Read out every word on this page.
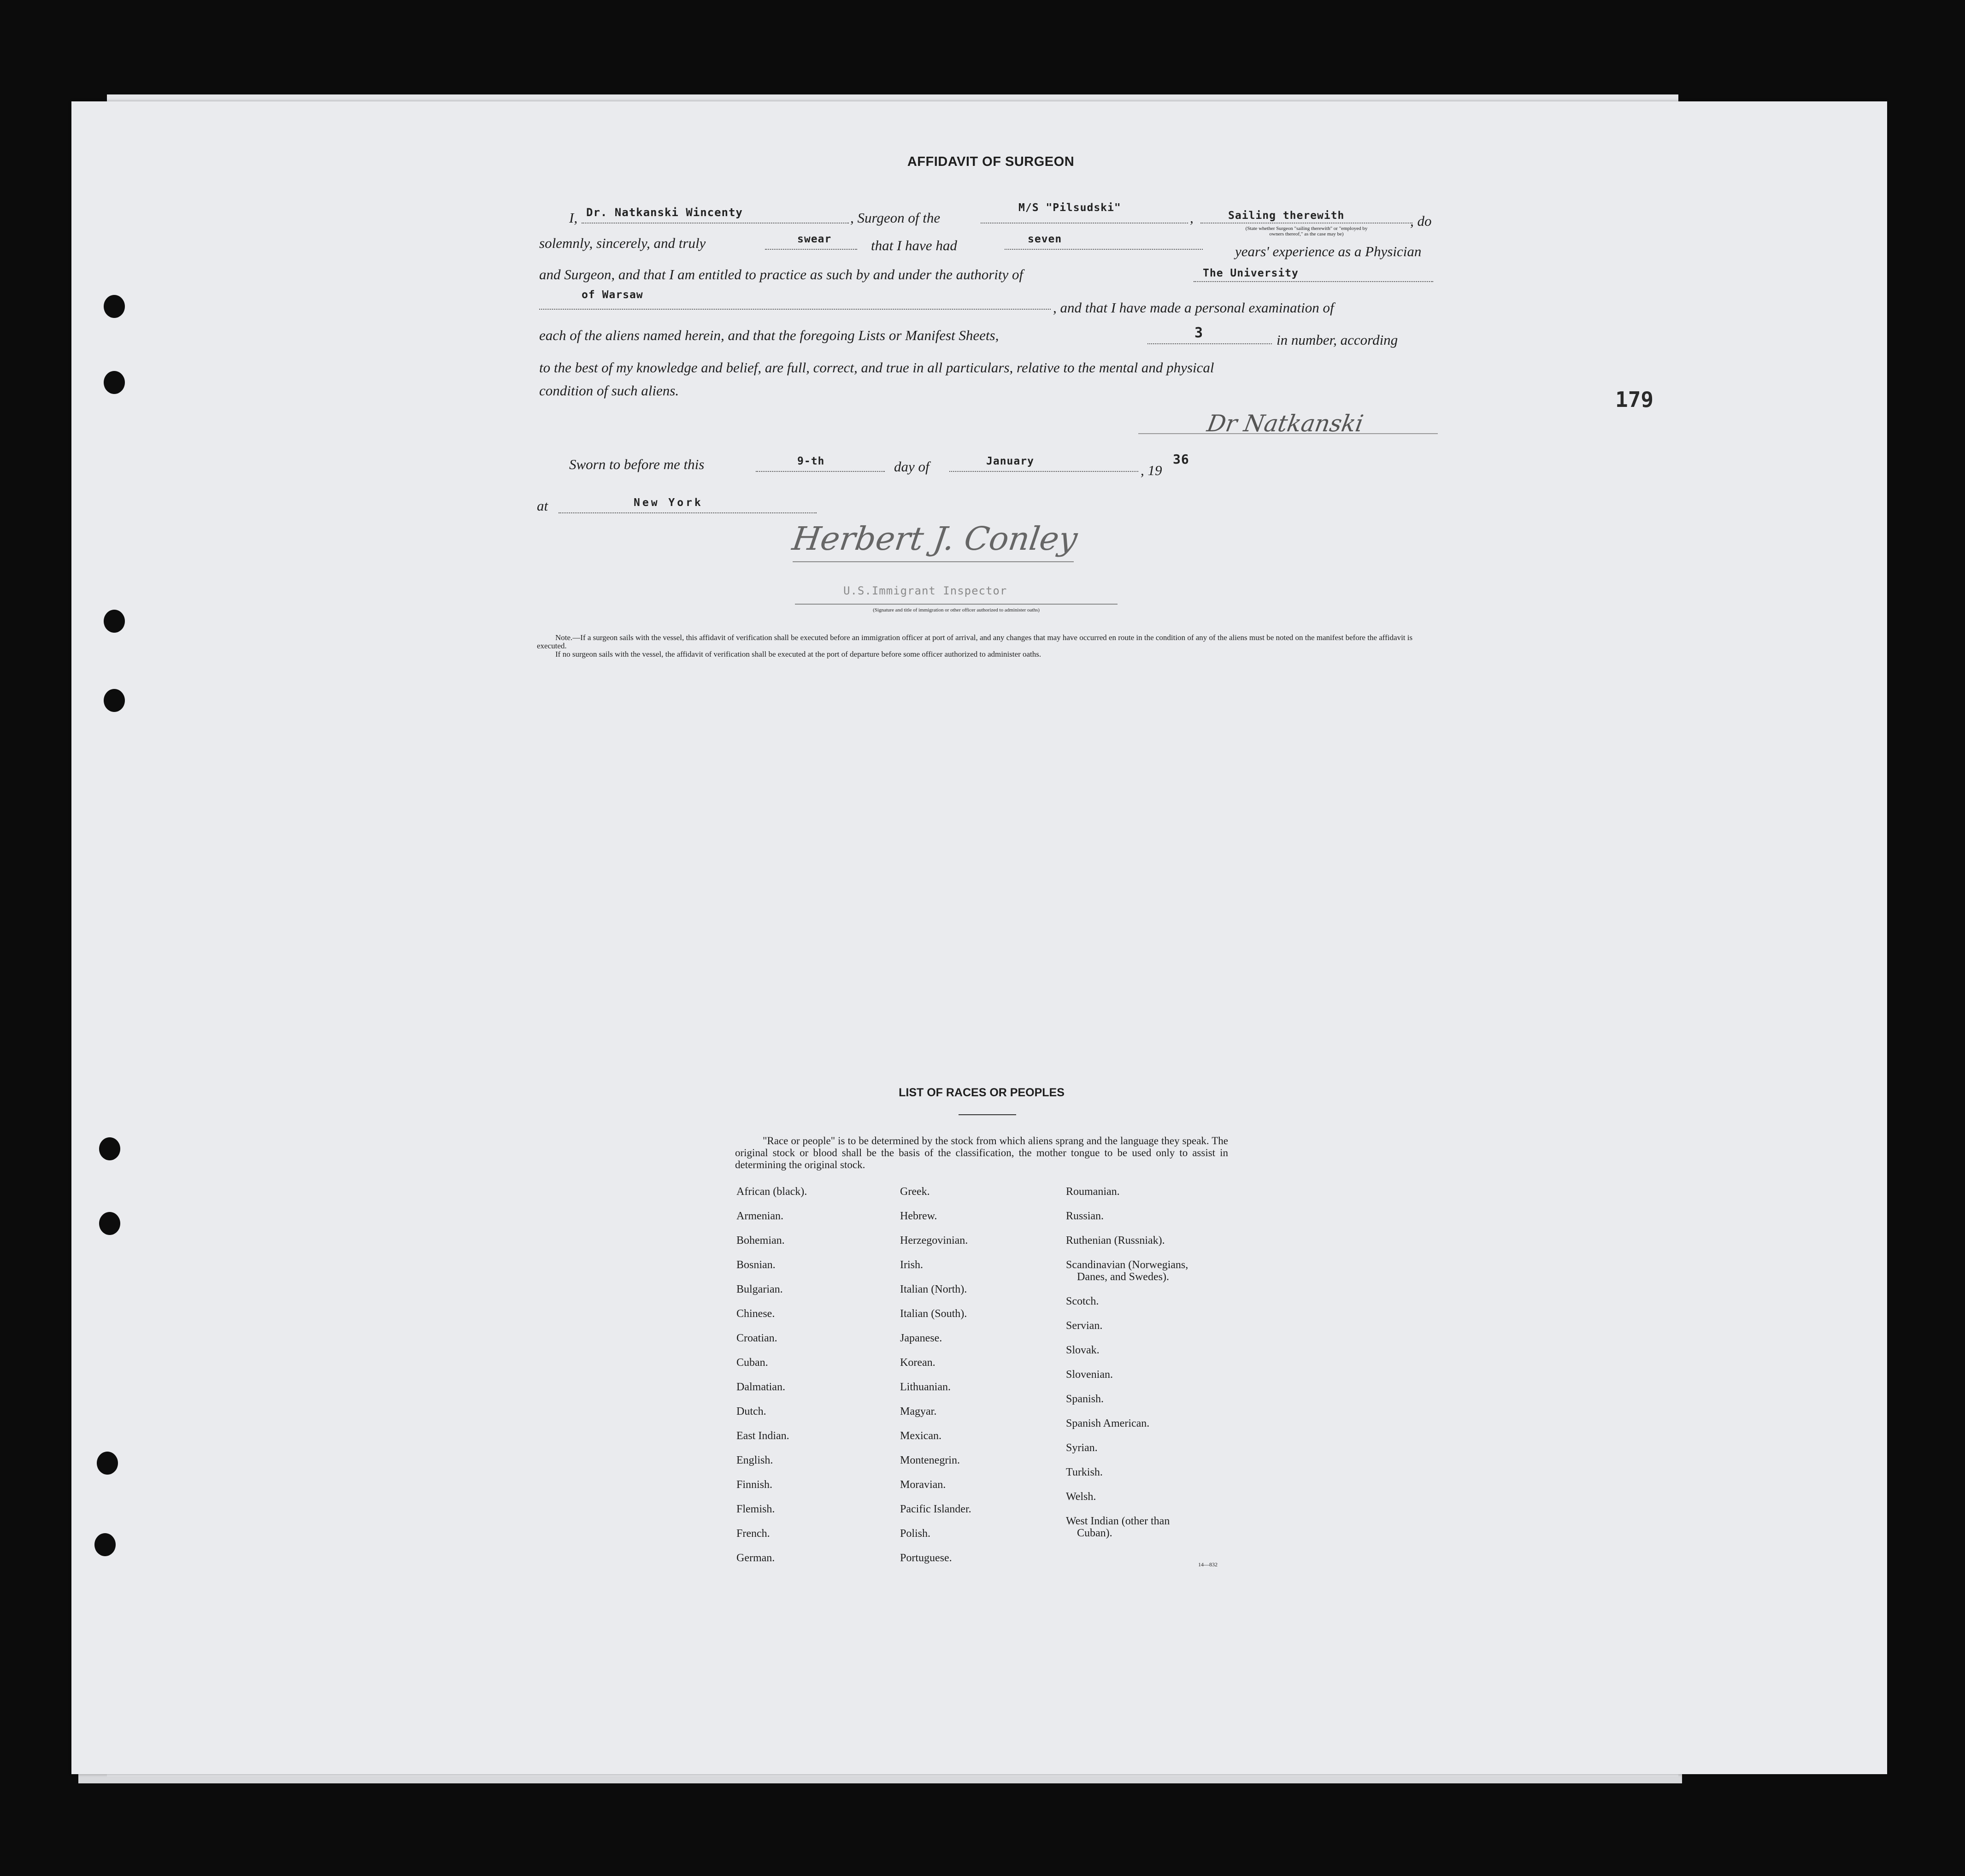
179
AFFIDAVIT OF SURGEON
I, Dr. Natkanski Wincenty	, Surgeon of the
M/S "Pilsudski"
,	Sailing therewith	, do
(State whether Surgeon "sailing therewith" or "employed by
owners thereof," as the case may be)
solemnly, sincerely, and truly	swear	that I have had	seven
years' experience as a Physician
and Surgeon, and that I am entitled to practice as such by and under the authority of	The University
of Warsaw
, and that I have made a personal examination of
each of the aliens named herein, and that the foregoing Lists or Manifest Sheets,	3	in number, according
to the best of my knowledge and belief, are full, correct, and true in all particulars, relative to the mental and physical
condition of such aliens.
Dr Natkanski
Sworn to before me this	9-th	day of	January
, 19
36
at	New York
Herbert J. Conley
U.S.Immigrant Inspector
(Signature and title of immigration or other officer authorized to administer oaths)

Note.—If a surgeon sails with the vessel, this affidavit of verification shall be executed before an immigration officer at port of arrival, and any changes that may have occurred en route in the condition of any of the aliens must be noted on the manifest before the affidavit is executed.

If no surgeon sails with the vessel, the affidavit of verification shall be executed at the port of departure before some officer authorized to administer oaths.

LIST OF RACES OR PEOPLES
"Race or people" is to be determined by the stock from which aliens sprang and the language they speak. The original stock or blood shall be the basis of the classification, the mother tongue to be used only to assist in determining the original stock.
African (black).
Armenian.
Bohemian.
Bosnian.
Bulgarian.
Chinese.
Croatian.
Cuban.
Dalmatian.
Dutch.
East Indian.
English.
Finnish.
Flemish.
French.
German.
Greek.
Hebrew.
Herzegovinian.
Irish.
Italian (North).
Italian (South).
Japanese.
Korean.
Lithuanian.
Magyar.
Mexican.
Montenegrin.
Moravian.
Pacific Islander.
Polish.
Portuguese.
Roumanian.
Russian.
Ruthenian (Russniak).
Scandinavian (Norwegians,
Danes, and Swedes).
Scotch.
Servian.
Slovak.
Slovenian.
Spanish.
Spanish American.
Syrian.
Turkish.
Welsh.
West Indian (other than
Cuban).
14—832
